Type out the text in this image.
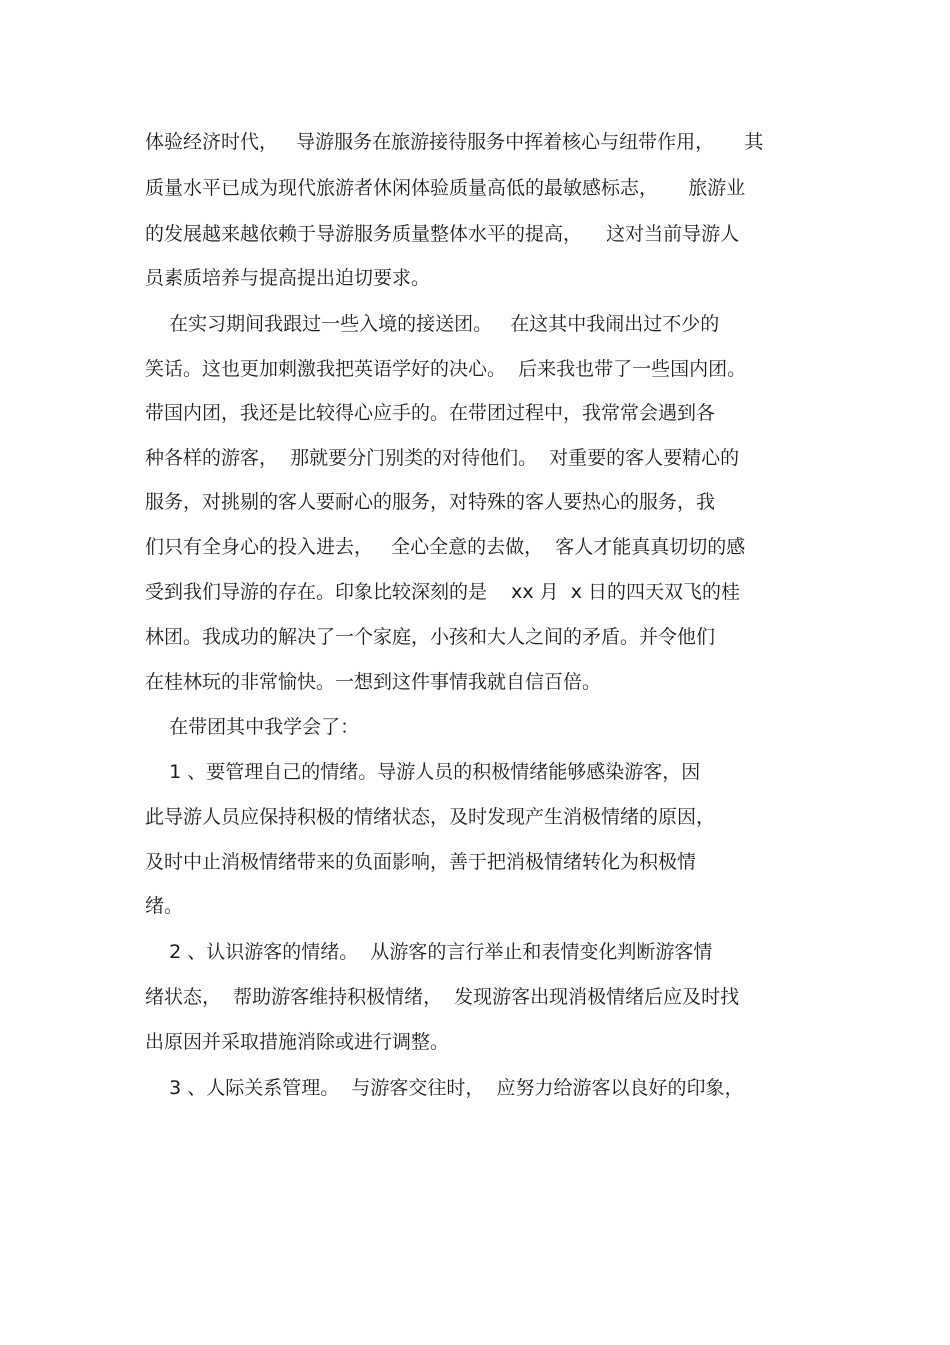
体验经济时代，   导游服务在旅游接待服务中挥着核心与纽带作用，     其
质量水平已成为现代旅游者休闲体验质量高低的最敏感标志，     旅游业
的发展越来越依赖于导游服务质量整体水平的提高，    这对当前导游人
员素质培养与提高提出迫切要求。
在实习期间我跟过一些入境的接送团。   在这其中我闹出过不少的
笑话。这也更加刺激我把英语学好的决心。  后来我也带了一些国内团。
带国内团，我还是比较得心应手的。在带团过程中，我常常会遇到各
种各样的游客，  那就要分门别类的对待他们。  对重要的客人要精心的
服务，对挑剔的客人要耐心的服务，对特殊的客人要热心的服务，我
们只有全身心的投入进去，   全心全意的去做，  客人才能真真切切的感
受到我们导游的存在。印象比较深刻的是    xx 月  x 日的四天双飞的桂
林团。我成功的解决了一个家庭，小孩和大人之间的矛盾。并令他们
在桂林玩的非常愉快。一想到这件事情我就自信百倍。
在带团其中我学会了：
1 、要管理自己的情绪。导游人员的积极情绪能够感染游客，因
此导游人员应保持积极的情绪状态，及时发现产生消极情绪的原因，
及时中止消极情绪带来的负面影响，善于把消极情绪转化为积极情
绪。
2 、认识游客的情绪。  从游客的言行举止和表情变化判断游客情
绪状态，  帮助游客维持积极情绪，  发现游客出现消极情绪后应及时找
出原因并采取措施消除或进行调整。
3 、人际关系管理。  与游客交往时，  应努力给游客以良好的印象，
